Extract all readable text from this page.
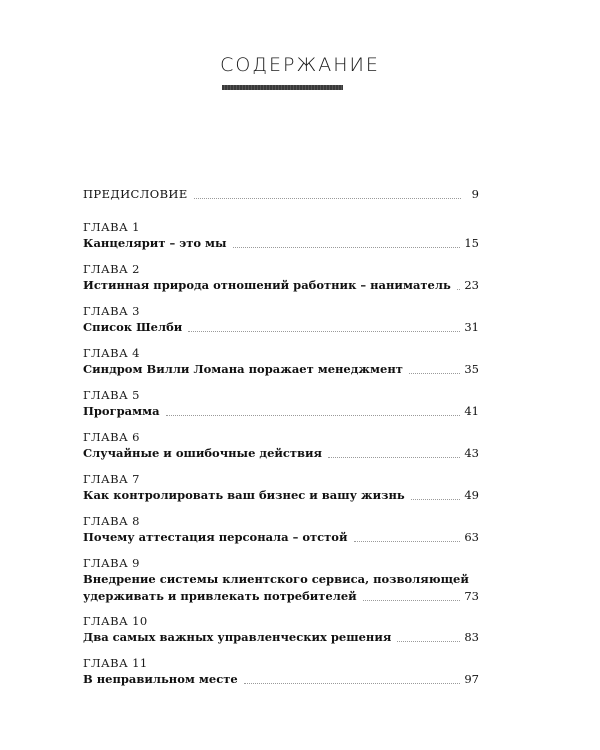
СОДЕРЖАНИЕ
ПРЕДИСЛОВИЕ	9
ГЛАВА 1
Канцелярит – это мы	15
ГЛАВА 2
Истинная природа отношений работник – наниматель 23
ГЛАВА 3
Список Шелби	31
ГЛАВА 4
Синдром Вилли Ломана поражает менеджмент	35
ГЛАВА 5
Программа	41
ГЛАВА 6
Случайные и ошибочные действия	43
ГЛАВА 7
Как контролировать ваш бизнес и вашу жизнь	49
ГЛАВА 8
Почему аттестация персонала – отстой	63
ГЛАВА 9
Внедрение системы клиентского сервиса, позволяющей
удерживать и привлекать потребителей	73
ГЛАВА 10
Два самых важных управленческих решения	83
ГЛАВА 11
В неправильном месте	97
